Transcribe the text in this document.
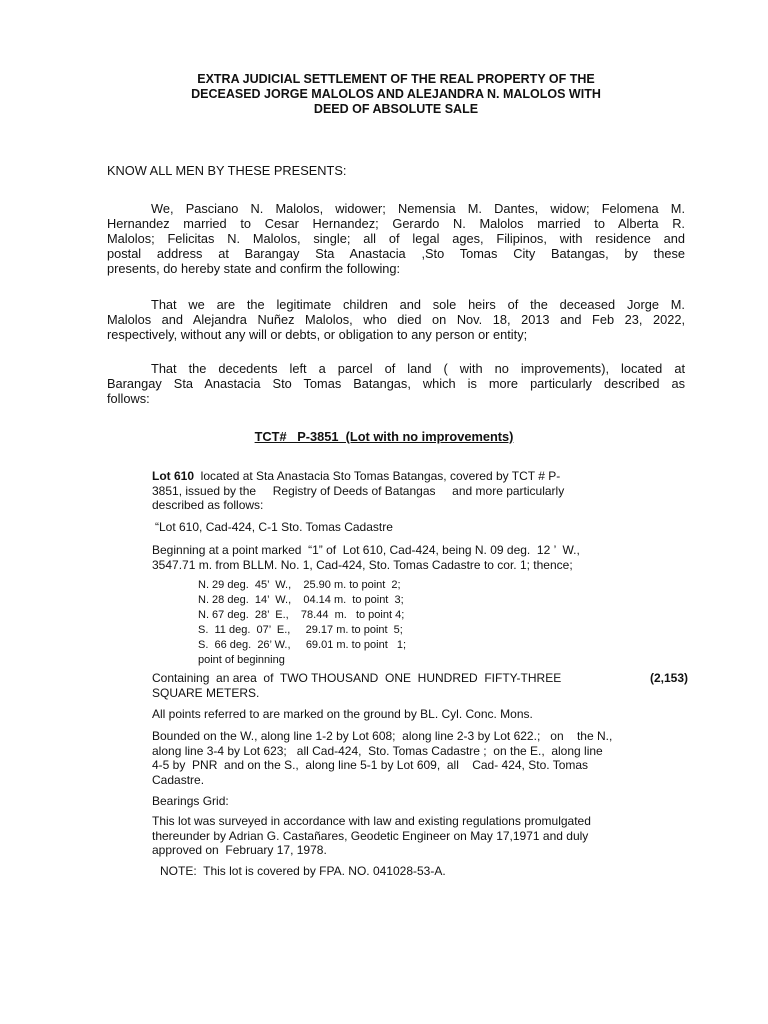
EXTRA JUDICIAL SETTLEMENT OF THE REAL PROPERTY OF THE
DECEASED JORGE MALOLOS AND ALEJANDRA N. MALOLOS WITH
DEED OF ABSOLUTE SALE
KNOW ALL MEN BY THESE PRESENTS:
We, Pasciano N. Malolos, widower; Nemensia M. Dantes, widow; Felomena M.
Hernandez married to Cesar Hernandez; Gerardo N. Malolos married to Alberta R.
Malolos; Felicitas N. Malolos, single; all of legal ages, Filipinos, with residence and
postal address at Barangay Sta Anastacia ,Sto Tomas City Batangas, by these
presents, do hereby state and confirm the following:
That we are the legitimate children and sole heirs of the deceased Jorge M.
Malolos and Alejandra Nuñez Malolos, who died on Nov. 18, 2013 and Feb 23, 2022,
respectively, without any will or debts, or obligation to any person or entity;
That the decedents left a parcel of land ( with no improvements), located at
Barangay Sta Anastacia Sto Tomas Batangas, which is more particularly described as
follows:
TCT#   P-3851  (Lot with no improvements)
Lot 610  located at Sta Anastacia Sto Tomas Batangas, covered by TCT # P-
3851, issued by the     Registry of Deeds of Batangas     and more particularly
described as follows:
“Lot 610, Cad-424, C-1 Sto. Tomas Cadastre
Beginning at a point marked  “1” of  Lot 610, Cad-424, being N. 09 deg.  12 ’  W.,
3547.71 m. from BLLM. No. 1, Cad-424, Sto. Tomas Cadastre to cor. 1; thence;
N. 29 deg.  45’  W.,    25.90 m. to point  2;
N. 28 deg.  14’  W.,    04.14 m.  to point  3;
N. 67 deg.  28’  E.,    78.44  m.   to point 4;
S.  11 deg.  07’  E.,     29.17 m. to point  5;
S.  66 deg.  26’ W.,     69.01 m. to point   1;
point of beginning
Containing  an area  of  TWO THOUSAND  ONE  HUNDRED  FIFTY-THREE	(2,153)
SQUARE METERS.
All points referred to are marked on the ground by BL. Cyl. Conc. Mons.
Bounded on the W., along line 1-2 by Lot 608;  along line 2-3 by Lot 622.;   on    the N.,
along line 3-4 by Lot 623;   all Cad-424,  Sto. Tomas Cadastre ;  on the E.,  along line
4-5 by  PNR  and on the S.,  along line 5-1 by Lot 609,  all    Cad- 424, Sto. Tomas
Cadastre.
Bearings Grid:
This lot was surveyed in accordance with law and existing regulations promulgated
thereunder by Adrian G. Castañares, Geodetic Engineer on May 17,1971 and duly
approved on  February 17, 1978.
NOTE:  This lot is covered by FPA. NO. 041028-53-A.
